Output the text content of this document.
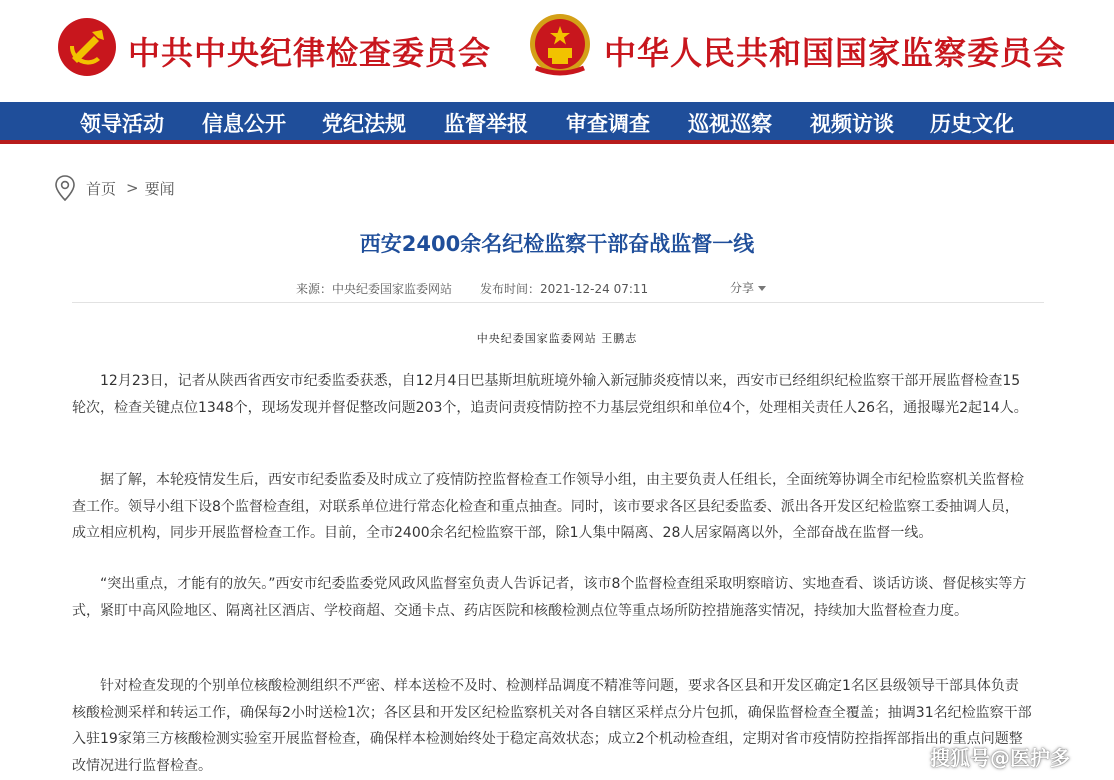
中共中央纪律检查委员会	中华人民共和国国家监察委员会
领导活动 信息公开 党纪法规 监督举报 审查调查 巡视巡察 视频访谈 历史文化
首页 > 要闻
西安2400余名纪检监察干部奋战监督一线
来源：中央纪委国家监委网站 发布时间：2021-12-24 07:11	分享
中央纪委国家监委网站 王鹏志
12月23日，记者从陕西省西安市纪委监委获悉，自12月4日巴基斯坦航班境外输入新冠肺炎疫情以来，西安市已经组织纪检监察干部开展监督检查15轮次，检查关键点位1348个，现场发现并督促整改问题203个，追责问责疫情防控不力基层党组织和单位4个，处理相关责任人26名，通报曝光2起14人。
据了解，本轮疫情发生后，西安市纪委监委及时成立了疫情防控监督检查工作领导小组，由主要负责人任组长，全面统筹协调全市纪检监察机关监督检查工作。领导小组下设8个监督检查组，对联系单位进行常态化检查和重点抽查。同时，该市要求各区县纪委监委、派出各开发区纪检监察工委抽调人员，成立相应机构，同步开展监督检查工作。目前，全市2400余名纪检监察干部，除1人集中隔离、28人居家隔离以外，全部奋战在监督一线。
“突出重点，才能有的放矢。”西安市纪委监委党风政风监督室负责人告诉记者，该市8个监督检查组采取明察暗访、实地查看、谈话访谈、督促核实等方式，紧盯中高风险地区、隔离社区酒店、学校商超、交通卡点、药店医院和核酸检测点位等重点场所防控措施落实情况，持续加大监督检查力度。
针对检查发现的个别单位核酸检测组织不严密、样本送检不及时、检测样品调度不精准等问题，要求各区县和开发区确定1名区县级领导干部具体负责核酸检测采样和转运工作，确保每2小时送检1次；各区县和开发区纪检监察机关对各自辖区采样点分片包抓，确保监督检查全覆盖；抽调31名纪检监察干部入驻19家第三方核酸检测实验室开展监督检查，确保样本检测始终处于稳定高效状态；成立2个机动检查组，定期对省市疫情防控指挥部指出的重点问题整改情况进行监督检查。	搜狐号@医护多
